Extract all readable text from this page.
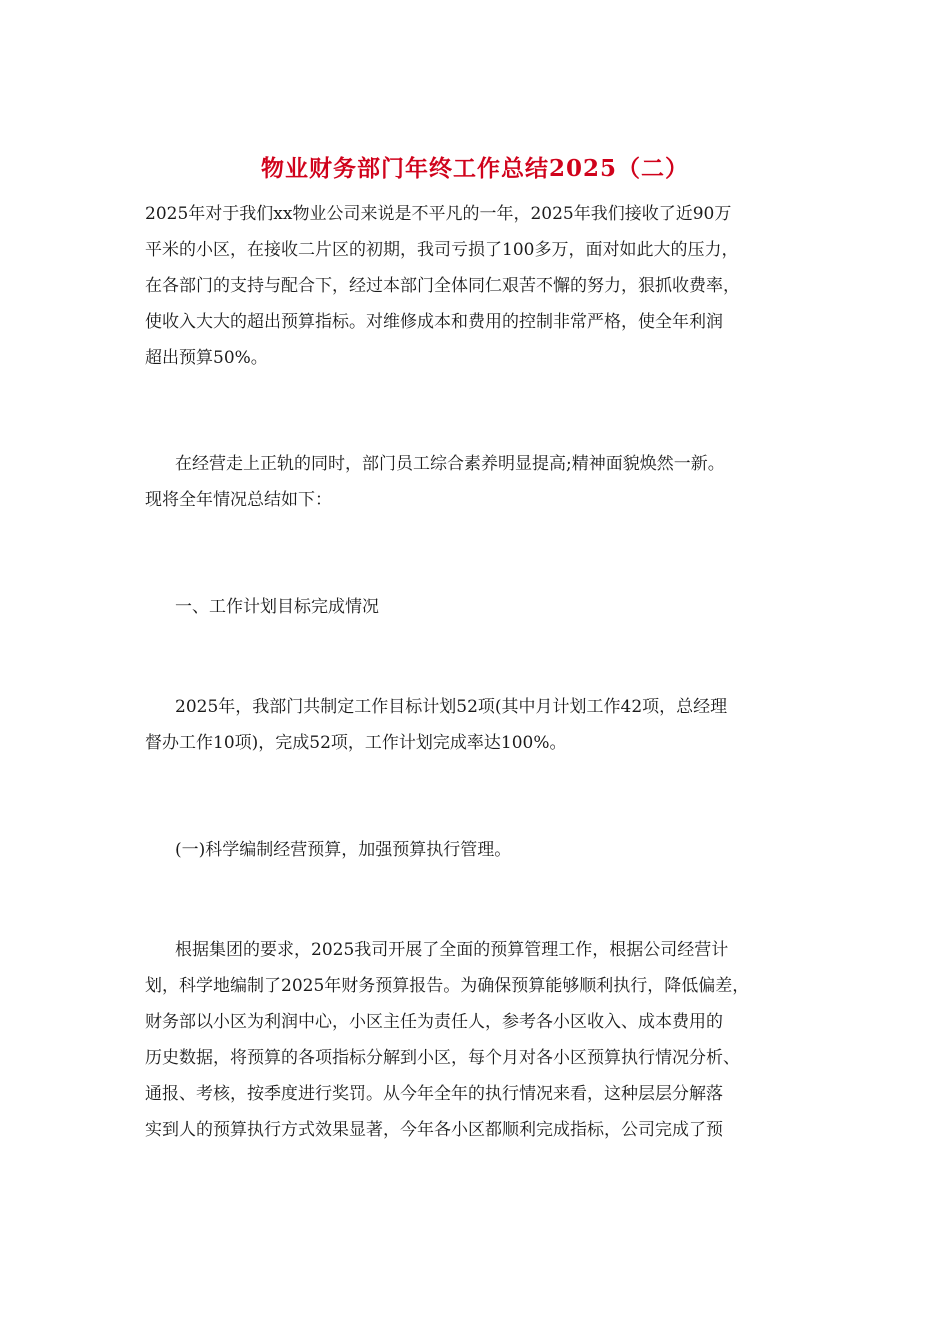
物业财务部门年终工作总结2025（二）

2025年对于我们xx物业公司来说是不平凡的一年，2025年我们接收了近90万
平米的小区，在接收二片区的初期，我司亏损了100多万，面对如此大的压力，
在各部门的支持与配合下，经过本部门全体同仁艰苦不懈的努力，狠抓收费率，
使收入大大的超出预算指标。对维修成本和费用的控制非常严格，使全年利润
超出预算50%。

在经营走上正轨的同时，部门员工综合素养明显提高;精神面貌焕然一新。
现将全年情况总结如下：

一、工作计划目标完成情况

2025年，我部门共制定工作目标计划52项(其中月计划工作42项，总经理
督办工作10项)，完成52项，工作计划完成率达100%。

(一)科学编制经营预算，加强预算执行管理。

根据集团的要求，2025我司开展了全面的预算管理工作，根据公司经营计
划，科学地编制了2025年财务预算报告。为确保预算能够顺利执行，降低偏差，
财务部以小区为利润中心，小区主任为责任人，参考各小区收入、成本费用的
历史数据，将预算的各项指标分解到小区，每个月对各小区预算执行情况分析、
通报、考核，按季度进行奖罚。从今年全年的执行情况来看，这种层层分解落
实到人的预算执行方式效果显著，今年各小区都顺利完成指标，公司完成了预
